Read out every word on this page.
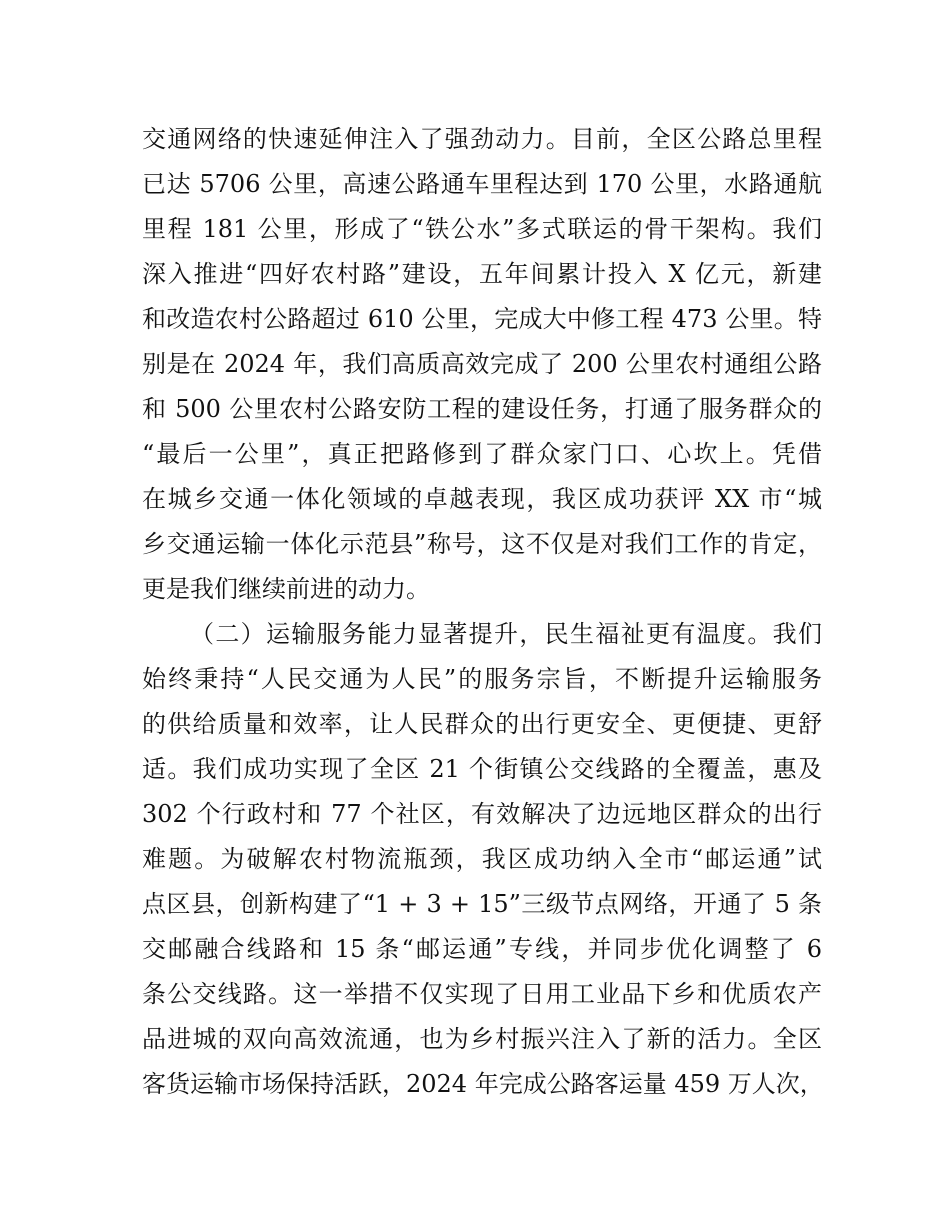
交通网络的快速延伸注入了强劲动力。目前，全区公路总里程
已达 5706 公里，高速公路通车里程达到 170 公里，水路通航
里程 181 公里，形成了“铁公水”多式联运的骨干架构。我们
深入推进“四好农村路”建设，五年间累计投入 X 亿元，新建
和改造农村公路超过 610 公里，完成大中修工程 473 公里。特
别是在 2024 年，我们高质高效完成了 200 公里农村通组公路
和 500 公里农村公路安防工程的建设任务，打通了服务群众的
“最后一公里”，真正把路修到了群众家门口、心坎上。凭借
在城乡交通一体化领域的卓越表现，我区成功获评 XX 市“城
乡交通运输一体化示范县”称号，这不仅是对我们工作的肯定，
更是我们继续前进的动力。
（二）运输服务能力显著提升，民生福祉更有温度。我们
始终秉持“人民交通为人民”的服务宗旨，不断提升运输服务
的供给质量和效率，让人民群众的出行更安全、更便捷、更舒
适。我们成功实现了全区 21 个街镇公交线路的全覆盖，惠及
302 个行政村和 77 个社区，有效解决了边远地区群众的出行
难题。为破解农村物流瓶颈，我区成功纳入全市“邮运通”试
点区县，创新构建了“1 + 3 + 15”三级节点网络，开通了 5 条
交邮融合线路和 15 条“邮运通”专线，并同步优化调整了 6
条公交线路。这一举措不仅实现了日用工业品下乡和优质农产
品进城的双向高效流通，也为乡村振兴注入了新的活力。全区
客货运输市场保持活跃，2024 年完成公路客运量 459 万人次，
